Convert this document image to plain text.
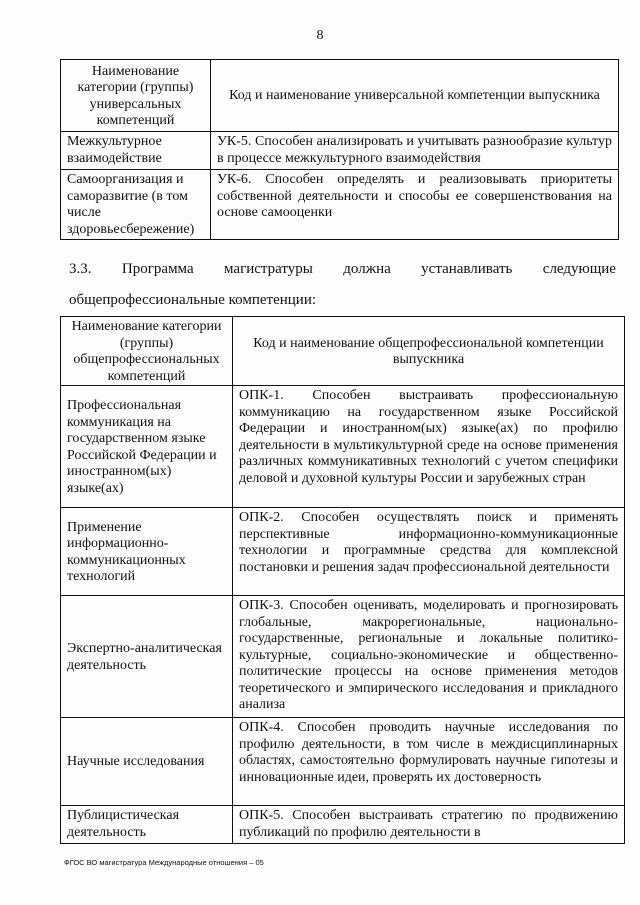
8
Наименование категории (группы) универсальных компетенций	Код и наименование универсальной компетенции выпускника
Межкультурное взаимодействие	УК-5. Способен анализировать и учитывать разнообразие культур в процессе межкультурного взаимодействия
Самоорганизация и саморазвитие (в том числе здоровьесбережение)	УК-6. Способен определять и реализовывать приоритеты собственной деятельности и способы ее совершенствования на основе самооценки
3.3. Программа магистратуры должна устанавливать следующие
общепрофессиональные компетенции:
Наименование категории (группы) общепрофессиональных компетенций	Код и наименование общепрофессиональной компетенции выпускника
Профессиональная коммуникация на государственном языке Российской Федерации и иностранном(ых) языке(ах)	ОПК-1. Способен выстраивать профессиональную коммуникацию на государственном языке Российской Федерации и иностранном(ых) языке(ах) по профилю деятельности в мультикультурной среде на основе применения различных коммуникативных технологий с учетом специфики деловой и духовной культуры России и зарубежных стран
Применение информационно-коммуникационных технологий	ОПК-2. Способен осуществлять поиск и применять перспективные информационно-коммуникационные технологии и программные средства для комплексной постановки и решения задач профессиональной деятельности
Экспертно-аналитическая деятельность	ОПК-3. Способен оценивать, моделировать и прогнозировать глобальные, макрорегиональные, национально-государственные, региональные и локальные политико-культурные, социально-экономические и общественно-политические процессы на основе применения методов теоретического и эмпирического исследования и прикладного анализа
Научные исследования	ОПК-4. Способен проводить научные исследования по профилю деятельности, в том числе в междисциплинарных областях, самостоятельно формулировать научные гипотезы и инновационные идеи, проверять их достоверность
Публицистическая деятельность	ОПК-5. Способен выстраивать стратегию по продвижению публикаций по профилю деятельности в
ФГОС ВО магистратура Международные отношения – 05
